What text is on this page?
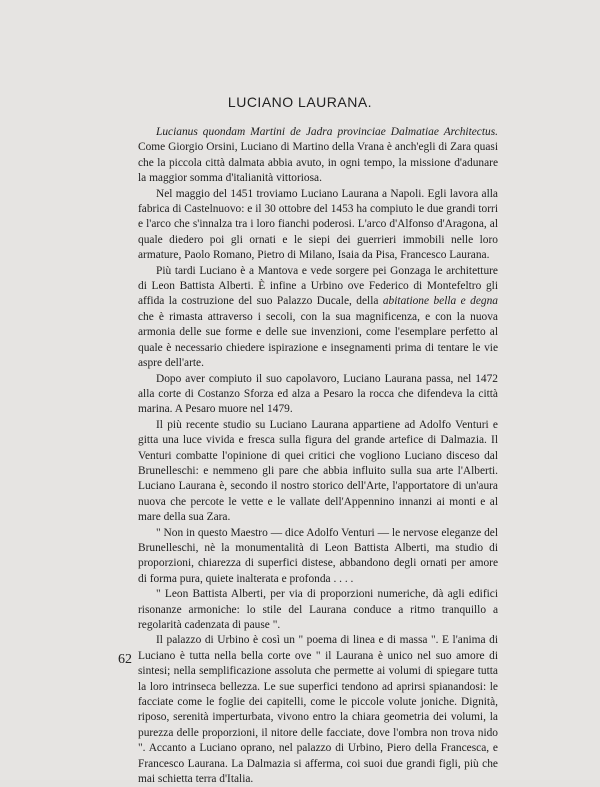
LUCIANO LAURANA.

Lucianus quondam Martini de Jadra provinciae Dalmatiae Architectus. Come Giorgio Orsini, Luciano di Martino della Vrana è anch'egli di Zara quasi che la piccola città dalmata abbia avuto, in ogni tempo, la missione d'adunare la maggior somma d'italianità vittoriosa.

Nel maggio del 1451 troviamo Luciano Laurana a Napoli. Egli lavora alla fabrica di Castelnuovo: e il 30 ottobre del 1453 ha compiuto le due grandi torri e l'arco che s'innalza tra i loro fianchi poderosi. L'arco d'Alfonso d'Aragona, al quale diedero poi gli ornati e le siepi dei guerrieri immobili nelle loro armature, Paolo Romano, Pietro di Milano, Isaia da Pisa, Francesco Laurana.

Più tardi Luciano è a Mantova e vede sorgere pei Gonzaga le architetture di Leon Battista Alberti. È infine a Urbino ove Federico di Montefeltro gli affida la costruzione del suo Palazzo Ducale, della abitatione bella e degna che è rimasta attraverso i secoli, con la sua magnificenza, e con la nuova armonia delle sue forme e delle sue invenzioni, come l'esemplare perfetto al quale è necessario chiedere ispirazione e insegnamenti prima di tentare le vie aspre dell'arte.

Dopo aver compiuto il suo capolavoro, Luciano Laurana passa, nel 1472 alla corte di Costanzo Sforza ed alza a Pesaro la rocca che difendeva la città marina. A Pesaro muore nel 1479.

Il più recente studio su Luciano Laurana appartiene ad Adolfo Venturi e gitta una luce vivida e fresca sulla figura del grande artefice di Dalmazia. Il Venturi combatte l'opinione di quei critici che vogliono Luciano disceso dal Brunelleschi: e nemmeno gli pare che abbia influito sulla sua arte l'Alberti. Luciano Laurana è, secondo il nostro storico dell'Arte, l'apportatore di un'aura nuova che percote le vette e le vallate dell'Appennino innanzi ai monti e al mare della sua Zara.

" Non in questo Maestro — dice Adolfo Venturi — le nervose eleganze del Brunelleschi, nè la monumentalità di Leon Battista Alberti, ma studio di proporzioni, chiarezza di superfici distese, abbandono degli ornati per amore di forma pura, quiete inalterata e profonda . . . .

" Leon Battista Alberti, per via di proporzioni numeriche, dà agli edifici risonanze armoniche: lo stile del Laurana conduce a ritmo tranquillo a regolarità cadenzata di pause ".

Il palazzo di Urbino è così un " poema di linea e di massa ". E l'anima di Luciano è tutta nella bella corte ove " il Laurana è unico nel suo amore di sintesi; nella semplificazione assoluta che permette ai volumi di spiegare tutta la loro intrinseca bellezza. Le sue superfici tendono ad aprirsi spianandosi: le facciate come le foglie dei capitelli, come le piccole volute joniche. Dignità, riposo, serenità imperturbata, vivono entro la chiara geometria dei volumi, la purezza delle proporzioni, il nitore delle facciate, dove l'ombra non trova nido ". Accanto a Luciano oprano, nel palazzo di Urbino, Piero della Francesca, e Francesco Laurana. La Dalmazia si afferma, coi suoi due grandi figli, più che mai schietta terra d'Italia.

62
